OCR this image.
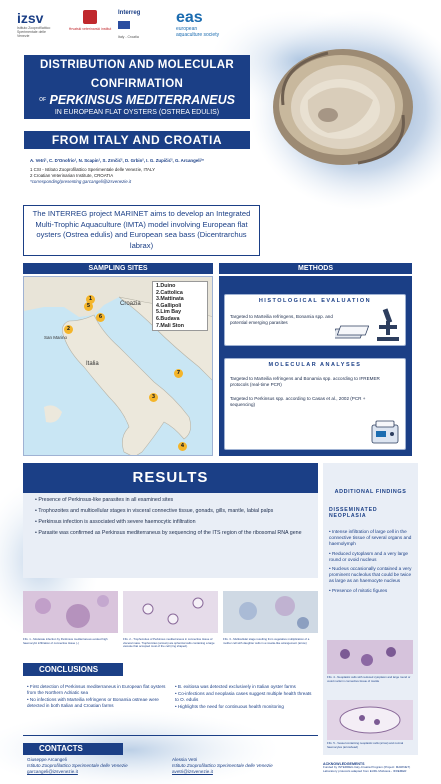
izsv
Istituto Zooprofilattico Sperimentale delle Venezie
Hrvatski veterinarski institut
Interreg
Italy - Croatia
eas
european aquaculture society
DISTRIBUTION AND MOLECULAR
CONFIRMATION
$^{OF}$ PERKINSUS MEDITERRANEUS
IN EUROPEAN FLAT OYSTERS (OSTREA EDULIS)
FROM ITALY AND CROATIA
A. Vetri¹, C. D'Onofrio¹, N. Scapin¹, S. Zrnčić², D. Grbin², I. G. Zupičić², G. Arcangeli¹*
1 CSI - Istituto Zooprofilattico Sperimentale delle Venezie, ITALY
2 Croatian Veterinarian Institute, CROATIA
*corresponding/presenting garcangeli@izsvenezie.it
The INTERREG project MARINET aims to develop an Integrated Multi-Trophic Aquaculture (IMTA) model involving European flat oysters (Ostrea edulis) and European sea bass (Dicentrarchus labrax)
SAMPLING SITES	METHODS
Croazia
Italia
San Marino
1
2
3
4
5
6
7
1.Duino
2.Cattolica
3.Mattinata
4.Gallipoli
5.Lim Bay
6.Budava
7.Mali Ston
HISTOLOGICAL EVALUATION
Targeted to Marteilia refringens, Bonamia spp. and potential emerging parasites
MOLECULAR ANALYSES
Targeted to Marteilia refringens and Bonamia spp. according to IFREMER protocols (real-time PCR)
Targeted to Perkinsus spp. according to Casas et al., 2002 (PCR + sequencing)
RESULTS
• Presence of Perkinsus-like parasites in all examined sites
• Trophozoites and multicellular stages in visceral connective tissue, gonads, gills, mantle, labial palps
• Perkinsus infection is associated with severe haemocytic infiltration
• Parasite was confirmed as Perkinsus mediterraneus by sequencing of the ITS region of the ribosomal RNA gene
FIG. 1 - Moderate infection by Perkinsus mediterraneus evoked high haemocytic infiltration of connective tissue (-)
FIG. 2 - Trophozoites of Perkinsus mediterraneus in connective tissue of visceral mass. Trophozoites (arrows) are spherical cells containing a large vacuole that occupied most of the cell (ring shaped).
FIG. 3 - Multicellular stage resulting from vegetative multiplication of a mother cell with daughter cells in a rosette-like arrangement (arrow)
ADDITIONAL FINDINGS
DISSEMINATED NEOPLASIA
• Intense infiltration of large cell in the connective tissue of several organs and haemolymph
• Reduced cytoplasm and a very large round or ovoid nucleus
• Nucleus occasionally contained a very prominent nucleolus that could be twice as large as an haemocyte nucleus
• Presence of mitotic figures
FIG. 4 - Neoplastic cells with reduced cytoplasm and large round or ovoid nuclei in connective tissue of mantle
FIG. 5 - Vessel containing neoplastic cells (arrow) and normal haemocytes (arrowhead)
CONCLUSIONS
• First detection of Perkinsus mediterraneus in European flat oysters from the Northern Adriatic sea
• No infections with Marteilia refringens or Bonamia ostreae were detected in both Italian and Croatian farms
• B. exitiosa was detected exclusively in Italian oyster farms
• Co-infections and neoplasia cases suggest multiple health threats to O. edulis
• Highlights the need for continuous health monitoring
CONTACTS
Giuseppe Arcangeli
Istituto Zooprofilattico Sperimentale delle Venezie
garcangeli@izsvenezie.it
Alessia Vetri
Istituto Zooprofilattico Sperimentale delle Venezie
avetri@izsvenezie.it
ACKNOWLEDGEMENTS
Funded by INTERREG Italy-Croatia Program (Project: MARINET) Laboratory protocols adapted from EURL Mollusca - IFREMER
